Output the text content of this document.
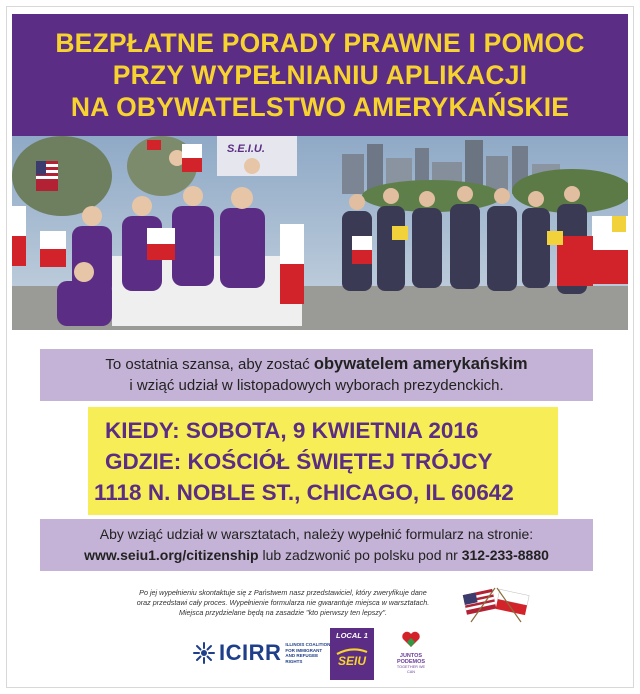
BEZPŁATNE PORADY PRAWNE I POMOC
PRZY WYPEŁNIANIU APLIKACJI
NA OBYWATELSTWO AMERYKAŃSKIE
S.E.I.U.
To ostatnia szansa, aby zostać obywatelem amerykańskim
i wziąć udział w listopadowych wyborach prezydenckich.
KIEDY: SOBOTA, 9 KWIETNIA 2016
GDZIE: KOŚCIÓŁ ŚWIĘTEJ TRÓJCY
1118 N. NOBLE ST., CHICAGO, IL 60642
Aby wziąć udział w warsztatach, należy wypełnić formularz na stronie:
www.seiu1.org/citizenship lub zadzwonić po polsku pod nr 312-233-8880
Po jej wypełnieniu skontaktuje się z Państwem nasz przedstawiciel, który zweryfikuje dane
oraz przedstawi cały proces. Wypełnienie formularza nie gwarantuje miejsca w warsztatach.
Miejsca przydzielane będą na zasadzie "kto pierwszy ten lepszy".
ICIRR ILLINOIS COALITION FOR IMMIGRANT AND REFUGEE RIGHTS
LOCAL 1
SEIU	JUNTOS PODEMOS
TOGETHER WE CAN
